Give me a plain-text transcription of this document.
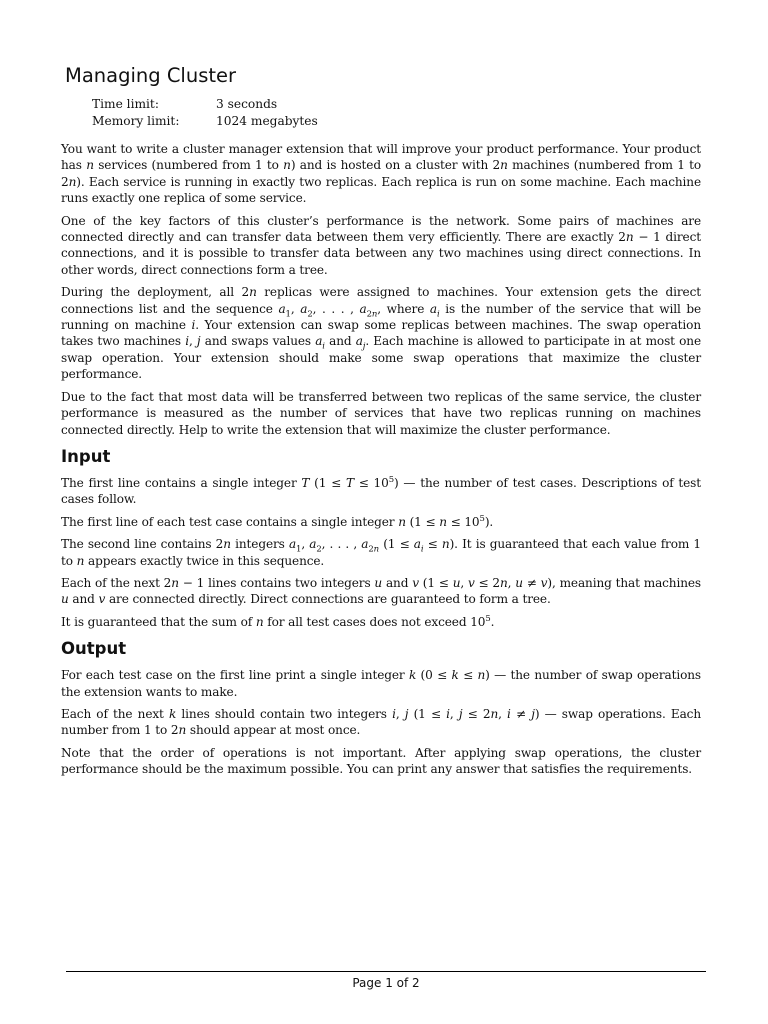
Managing Cluster
Time limit:	3 seconds
Memory limit:	1024 megabytes

You want to write a cluster manager extension that will improve your product performance. Your product has n services (numbered from 1 to n) and is hosted on a cluster with 2n machines (numbered from 1 to 2n). Each service is running in exactly two replicas. Each replica is run on some machine. Each machine runs exactly one replica of some service.

One of the key factors of this cluster’s performance is the network. Some pairs of machines are connected directly and can transfer data between them very efficiently. There are exactly 2n − 1 direct connections, and it is possible to transfer data between any two machines using direct connections. In other words, direct connections form a tree.

During the deployment, all 2n replicas were assigned to machines. Your extension gets the direct connections list and the sequence $a_1$, $a_2$, . . . , $a_{2n}$, where $a_i$ is the number of the service that will be running on machine i. Your extension can swap some replicas between machines. The swap operation takes two machines i, j and swaps values $a_i$ and $a_j$. Each machine is allowed to participate in at most one swap operation. Your extension should make some swap operations that maximize the cluster performance.

Due to the fact that most data will be transferred between two replicas of the same service, the cluster performance is measured as the number of services that have two replicas running on machines connected directly. Help to write the extension that will maximize the cluster performance.

Input

The first line contains a single integer T $(1 \le T \le 10^5)$ — the number of test cases. Descriptions of test cases follow.

The first line of each test case contains a single integer n $(1 \le n \le 10^5)$.

The second line contains 2n integers $a_1$, $a_2$, . . . , $a_{2n}$ $(1 \le a_i \le n)$. It is guaranteed that each value from 1 to n appears exactly twice in this sequence.

Each of the next 2n − 1 lines contains two integers u and v (1 ≤ u, v ≤ 2n, u ≠ v), meaning that machines u and v are connected directly. Direct connections are guaranteed to form a tree.

It is guaranteed that the sum of n for all test cases does not exceed $10^5$.

Output

For each test case on the first line print a single integer k (0 ≤ k ≤ n) — the number of swap operations the extension wants to make.

Each of the next k lines should contain two integers i, j (1 ≤ i, j ≤ 2n, i ≠ j) — swap operations. Each number from 1 to 2n should appear at most once.

Note that the order of operations is not important. After applying swap operations, the cluster performance should be the maximum possible. You can print any answer that satisfies the requirements.

Page 1 of 2
